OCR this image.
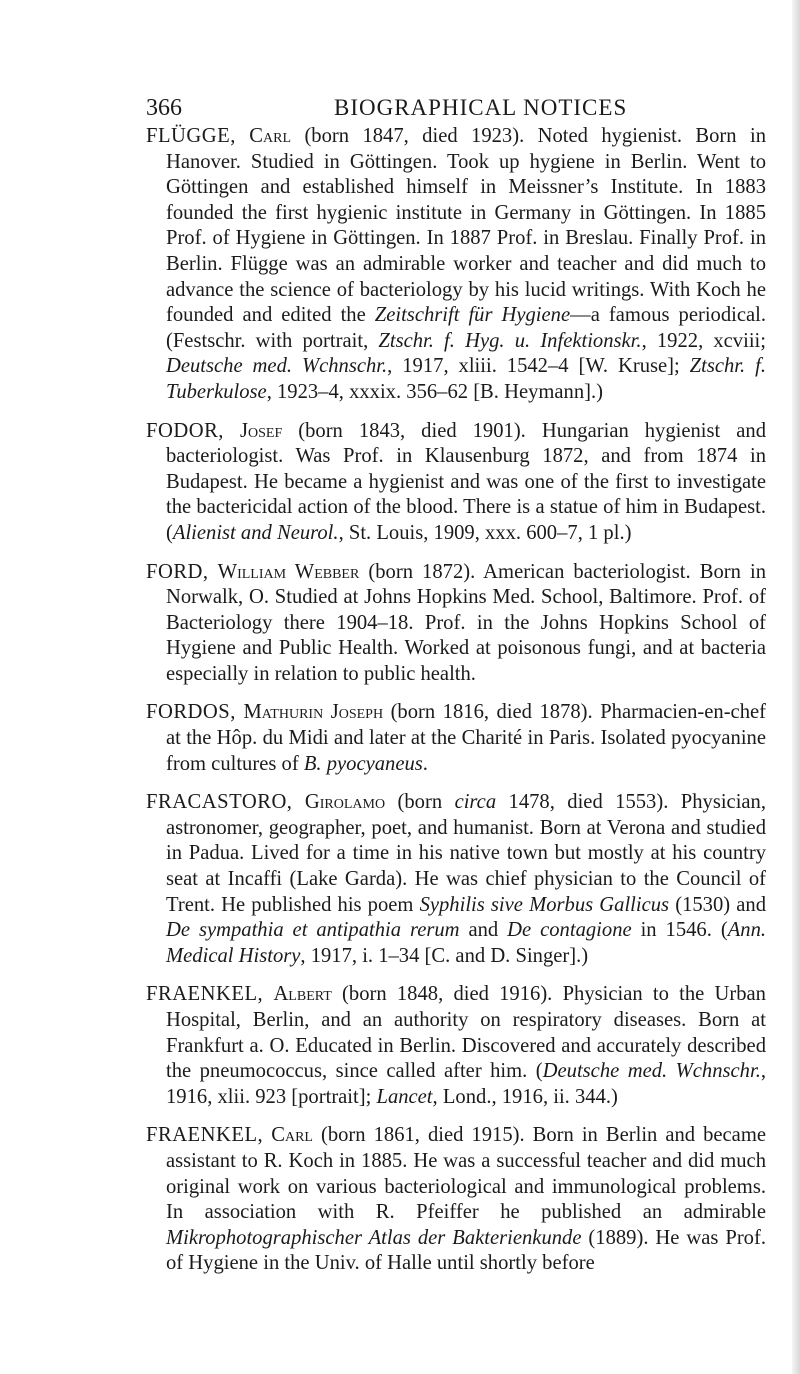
366	BIOGRAPHICAL NOTICES

FLÜGGE, Carl (born 1847, died 1923). Noted hygienist. Born in Hanover. Studied in Göttingen. Took up hygiene in Berlin. Went to Göttingen and established himself in Meissner’s Institute. In 1883 founded the first hygienic institute in Germany in Göttingen. In 1885 Prof. of Hygiene in Göttingen. In 1887 Prof. in Breslau. Finally Prof. in Berlin. Flügge was an admirable worker and teacher and did much to advance the science of bacteriology by his lucid writings. With Koch he founded and edited the Zeitschrift für Hygiene—a famous periodical. (Festschr. with portrait, Ztschr. f. Hyg. u. Infektionskr., 1922, xcviii; Deutsche med. Wchnschr., 1917, xliii. 1542–4 [W. Kruse]; Ztschr. f. Tuberkulose, 1923–4, xxxix. 356–62 [B. Heymann].)

FODOR, Josef (born 1843, died 1901). Hungarian hygienist and bacteriologist. Was Prof. in Klausenburg 1872, and from 1874 in Budapest. He became a hygienist and was one of the first to investigate the bactericidal action of the blood. There is a statue of him in Budapest. (Alienist and Neurol., St. Louis, 1909, xxx. 600–7, 1 pl.)

FORD, William Webber (born 1872). American bacteriologist. Born in Norwalk, O. Studied at Johns Hopkins Med. School, Baltimore. Prof. of Bacteriology there 1904–18. Prof. in the Johns Hopkins School of Hygiene and Public Health. Worked at poisonous fungi, and at bacteria especially in relation to public health.

FORDOS, Mathurin Joseph (born 1816, died 1878). Pharmacien-en-chef at the Hôp. du Midi and later at the Charité in Paris. Isolated pyocyanine from cultures of B. pyocyaneus.

FRACASTORO, Girolamo (born circa 1478, died 1553). Physician, astronomer, geographer, poet, and humanist. Born at Verona and studied in Padua. Lived for a time in his native town but mostly at his country seat at Incaffi (Lake Garda). He was chief physician to the Council of Trent. He published his poem Syphilis sive Morbus Gallicus (1530) and De sympathia et antipathia rerum and De contagione in 1546. (Ann. Medical History, 1917, i. 1–34 [C. and D. Singer].)

FRAENKEL, Albert (born 1848, died 1916). Physician to the Urban Hospital, Berlin, and an authority on respiratory diseases. Born at Frankfurt a. O. Educated in Berlin. Discovered and accurately described the pneumococcus, since called after him. (Deutsche med. Wchnschr., 1916, xlii. 923 [portrait]; Lancet, Lond., 1916, ii. 344.)

FRAENKEL, Carl (born 1861, died 1915). Born in Berlin and became assistant to R. Koch in 1885. He was a successful teacher and did much original work on various bacteriological and immunological problems. In association with R. Pfeiffer he published an admirable Mikrophotographischer Atlas der Bakterienkunde (1889). He was Prof. of Hygiene in the Univ. of Halle until shortly before
